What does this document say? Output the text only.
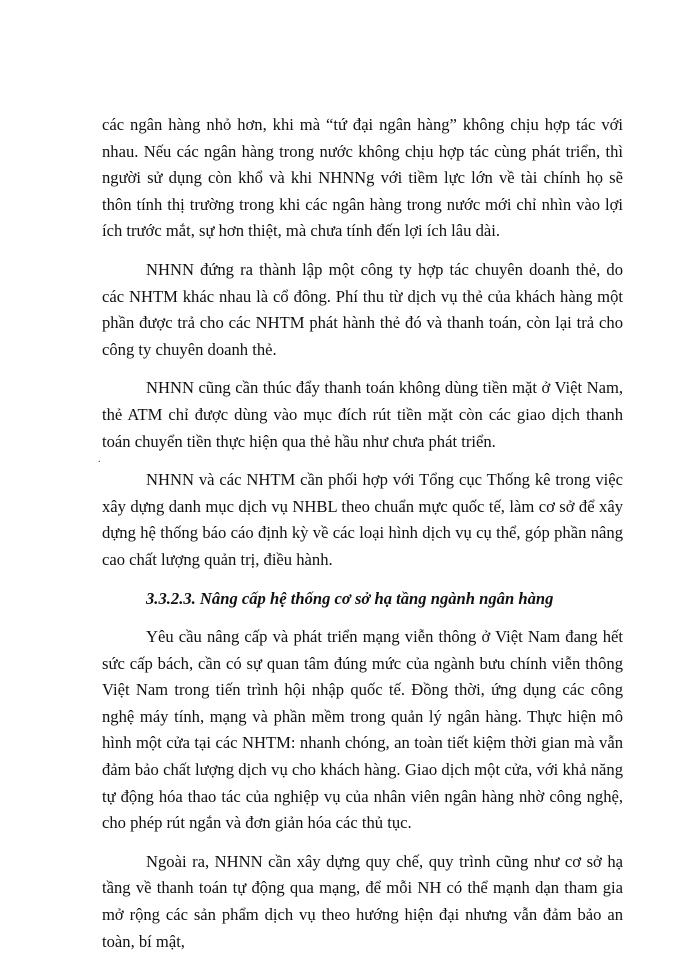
các ngân hàng nhỏ hơn, khi mà “tứ đại ngân hàng” không chịu hợp tác với nhau. Nếu các ngân hàng trong nước không chịu hợp tác cùng phát triển, thì người sử dụng còn khổ và khi NHNNg với tiềm lực lớn về tài chính họ sẽ thôn tính thị trường trong khi các ngân hàng trong nước mới chỉ nhìn vào lợi ích trước mắt, sự hơn thiệt, mà chưa tính đến lợi ích lâu dài.

NHNN đứng ra thành lập một công ty hợp tác chuyên doanh thẻ, do các NHTM khác nhau là cổ đông. Phí thu từ dịch vụ thẻ của khách hàng một phần được trả cho các NHTM phát hành thẻ đó và thanh toán, còn lại trả cho công ty chuyên doanh thẻ.

NHNN cũng cần thúc đẩy thanh toán không dùng tiền mặt ở Việt Nam, thẻ ATM chỉ được dùng vào mục đích rút tiền mặt còn các giao dịch thanh toán chuyển tiền thực hiện qua thẻ hầu như chưa phát triển.

NHNN và các NHTM cần phối hợp với Tổng cục Thống kê trong việc xây dựng danh mục dịch vụ NHBL theo chuẩn mực quốc tế, làm cơ sở để xây dựng hệ thống báo cáo định kỳ về các loại hình dịch vụ cụ thể, góp phần nâng cao chất lượng quản trị, điều hành.

3.3.2.3. Nâng cấp hệ thống cơ sở hạ tầng ngành ngân hàng

Yêu cầu nâng cấp và phát triển mạng viễn thông ở Việt Nam đang hết sức cấp bách, cần có sự quan tâm đúng mức của ngành bưu chính viễn thông Việt Nam trong tiến trình hội nhập quốc tế. Đồng thời, ứng dụng các công nghệ máy tính, mạng và phần mềm trong quản lý ngân hàng. Thực hiện mô hình một cửa tại các NHTM: nhanh chóng, an toàn tiết kiệm thời gian mà vẫn đảm bảo chất lượng dịch vụ cho khách hàng. Giao dịch một cửa, với khả năng tự động hóa thao tác của nghiệp vụ của nhân viên ngân hàng nhờ công nghệ, cho phép rút ngắn và đơn giản hóa các thủ tục.

Ngoài ra, NHNN cần xây dựng quy chế, quy trình cũng như cơ sở hạ tầng về thanh toán tự động qua mạng, để mỗi NH có thể mạnh dạn tham gia mở rộng các sản phẩm dịch vụ theo hướng hiện đại nhưng vẫn đảm bảo an toàn, bí mật,

.
